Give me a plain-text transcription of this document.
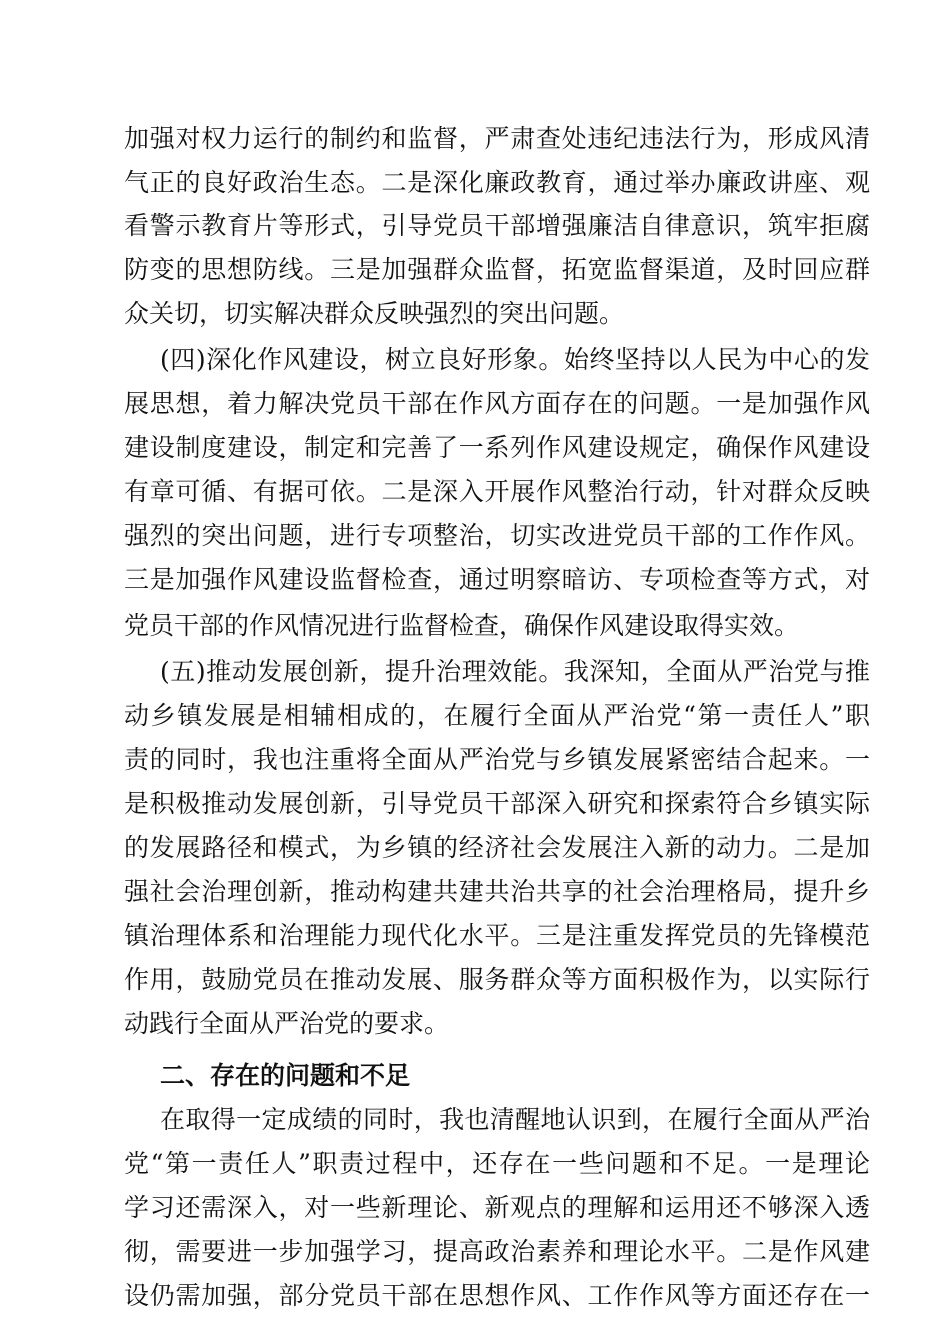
加强对权力运行的制约和监督，严肃查处违纪违法行为，形成风清
气正的良好政治生态。二是深化廉政教育，通过举办廉政讲座、观
看警示教育片等形式，引导党员干部增强廉洁自律意识，筑牢拒腐
防变的思想防线。三是加强群众监督，拓宽监督渠道，及时回应群
众关切，切实解决群众反映强烈的突出问题。
(四)深化作风建设，树立良好形象。始终坚持以人民为中心的发
展思想，着力解决党员干部在作风方面存在的问题。一是加强作风
建设制度建设，制定和完善了一系列作风建设规定，确保作风建设
有章可循、有据可依。二是深入开展作风整治行动，针对群众反映
强烈的突出问题，进行专项整治，切实改进党员干部的工作作风。
三是加强作风建设监督检查，通过明察暗访、专项检查等方式，对
党员干部的作风情况进行监督检查，确保作风建设取得实效。
(五)推动发展创新，提升治理效能。我深知，全面从严治党与推
动乡镇发展是相辅相成的，在履行全面从严治党“第一责任人”职
责的同时，我也注重将全面从严治党与乡镇发展紧密结合起来。一
是积极推动发展创新，引导党员干部深入研究和探索符合乡镇实际
的发展路径和模式，为乡镇的经济社会发展注入新的动力。二是加
强社会治理创新，推动构建共建共治共享的社会治理格局，提升乡
镇治理体系和治理能力现代化水平。三是注重发挥党员的先锋模范
作用，鼓励党员在推动发展、服务群众等方面积极作为，以实际行
动践行全面从严治党的要求。
二、存在的问题和不足
在取得一定成绩的同时，我也清醒地认识到，在履行全面从严治
党“第一责任人”职责过程中，还存在一些问题和不足。一是理论
学习还需深入，对一些新理论、新观点的理解和运用还不够深入透
彻，需要进一步加强学习，提高政治素养和理论水平。二是作风建
设仍需加强，部分党员干部在思想作风、工作作风等方面还存在一
